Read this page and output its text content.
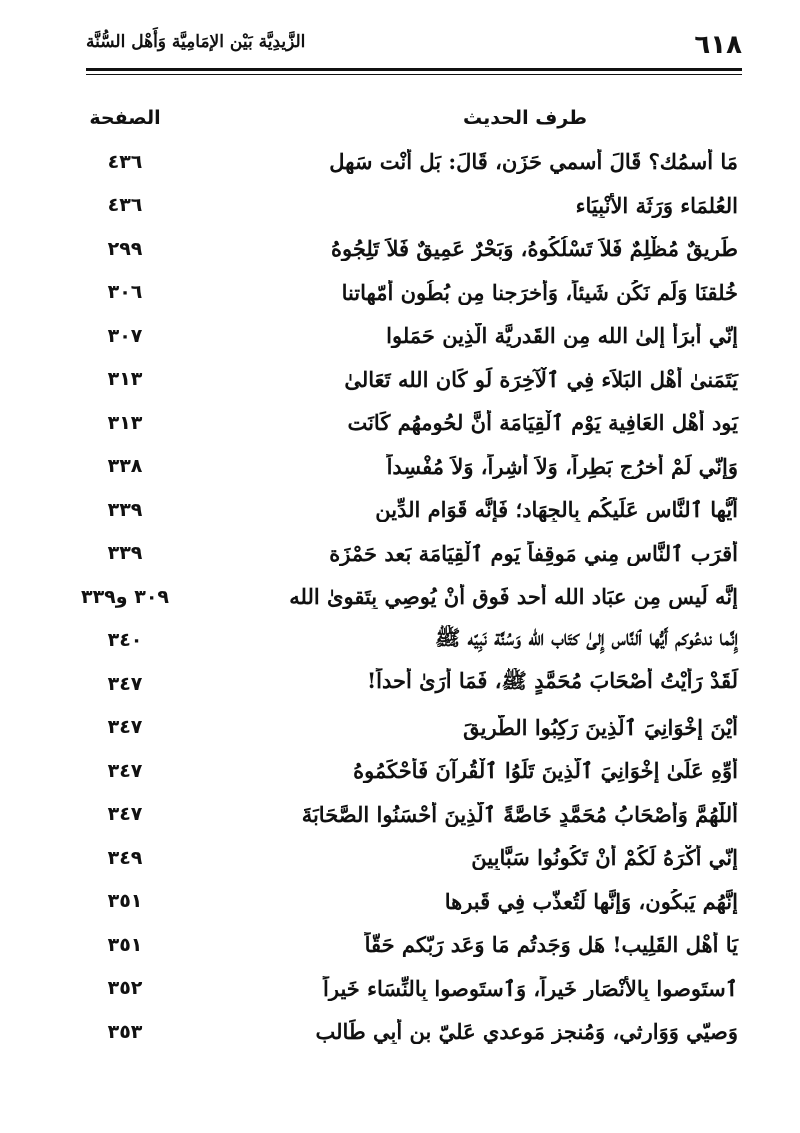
٦١٨
الزَّيدِيَّة بَيْن الإمَامِيَّة وَأَهْل السُّنَّة
طرف الحديث
الصفحة
مَا أسمُك؟ قَالَ أسمي حَزَن، قَالَ: بَل أَنْت سَهل
٤٣٦
العُلمَاء وَرَثَة الأَنْبِيَاء
٤٣٦
طَرِيقٌ مُظْلِمٌ فَلاَ تَسْلُكُوهُ، وَبَحْرٌ عَمِيقٌ فَلاَ تَلِجُوهُ
٢٩٩
خُلقنَا وَلَم نَكُن شَيئاً، وَأُخرَجنا مِن بُطُون أُمّهاتنا
٣٠٦
إِنّي أبرَأ إِلىٰ الله مِن القَدرِيَّة الَّذِين حَمَلوا
٣٠٧
يَتَمَنىٰ أَهْل البَلاَء فِي ٱلْآخِرَة لَو كَان الله تَعَالىٰ
٣١٣
يَود أَهْل العَافِية يَوْم ٱلْقِيَامَة أَنَّ لحُومهُم كَانَت
٣١٣
وَإِنّي لَمْ أَخرُج بَطِراً، وَلاَ أَشِراً، وَلاَ مُفْسِداً
٣٣٨
أَيُّها ٱلنَّاس عَلَيكُم بِالجِهَاد؛ فَإِنَّه قَوَام الدِّين
٣٣٩
أَقرَب ٱلنَّاس مِني مَوقِفاً يَوم ٱلْقِيَامَة بَعد حَمْزَة
٣٣٩
إِنَّه لَيس مِن عبَاد الله أَحد فَوق أَنْ يُوصِي بِتَقوىٰ الله
٣٠٩ و٣٣٩
إِنَّما ندعُوكم أَيُّها ٱلنَّاس إِلىٰ كتَاب الله وَسُنَّة نَبِيّه ﷺ
٣٤٠
لَقَدْ رَأَيْتُ أَصْحَابَ مُحَمَّدٍ ﷺ، فَمَا أَرَىٰ أَحداً!
٣٤٧
أَيْنَ إِخْوَانِيَ ٱلَّذِينَ رَكِبُوا الطَّرِيقَ
٣٤٧
أَوِّهِ عَلَىٰ إِخْوَانِيَ ٱلَّذِينَ تَلَوُا ٱلْقُرآنَ فَأَحْكَمُوهُ
٣٤٧
أَللّٰهُمَّ وَأَصْحَابُ مُحَمَّدٍ خَاصَّةً ٱلَّذِينَ أَحْسَنُوا الصَّحَابَةَ
٣٤٧
إِنّي أَكْرَهُ لَكُمْ أَنْ تَكُونُوا سَبَّابِينَ
٣٤٩
إِنَّهُم يَبكُون، وَإِنَّها لَتُعذّب فِي قَبرِها
٣٥١
يَا أَهْل القَلِيب! هَل وَجَدتُم مَا وَعَد رَبّكم حَقّاً
٣٥١
ٱستَوصوا بِالأَنْصَار خَيراً، وَٱستَوصوا بِالنِّسَاء خَيراً
٣٥٢
وَصيّي وَوَارثي، وَمُنجز مَوعدي عَليّ بن أَبِي طَالب
٣٥٣
